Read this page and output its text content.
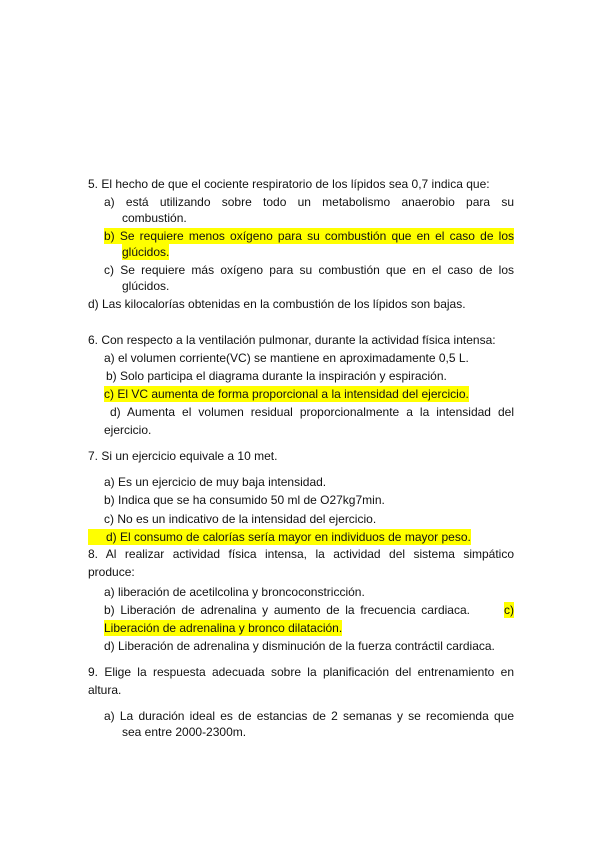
5. El hecho de que el cociente respiratorio de los lípidos sea 0,7 indica que:
a) está utilizando sobre todo un metabolismo anaerobio para su
combustión.
b) Se requiere menos oxígeno para su combustión que en el caso de los
glúcidos.
c) Se requiere más oxígeno para su combustión que en el caso de los
glúcidos.
d) Las kilocalorías obtenidas en la combustión de los lípidos son bajas.
6. Con respecto a la ventilación pulmonar, durante la actividad física intensa:
a) el volumen corriente(VC) se mantiene en aproximadamente 0,5 L.
b) Solo participa el diagrama durante la inspiración y espiración.
c) El VC aumenta de forma proporcional a la intensidad del ejercicio.
d) Aumenta el volumen residual proporcionalmente a la intensidad del
ejercicio.
7. Si un ejercicio equivale a 10 met.
a) Es un ejercicio de muy baja intensidad.
b) Indica que se ha consumido 50 ml de O27kg7min.
c) No es un indicativo de la intensidad del ejercicio.
d) El consumo de calorías sería mayor en individuos de mayor peso.
8. Al realizar actividad física intensa, la actividad del sistema simpático
produce:
a) liberación de acetilcolina y broncoconstricción.
b) Liberación de adrenalina y aumento de la frecuencia cardiaca.	c)
Liberación de adrenalina y bronco dilatación.
d) Liberación de adrenalina y disminución de la fuerza contráctil cardiaca.
9. Elige la respuesta adecuada sobre la planificación del entrenamiento en
altura.
a) La duración ideal es de estancias de 2 semanas y se recomienda que
sea entre 2000-2300m.
